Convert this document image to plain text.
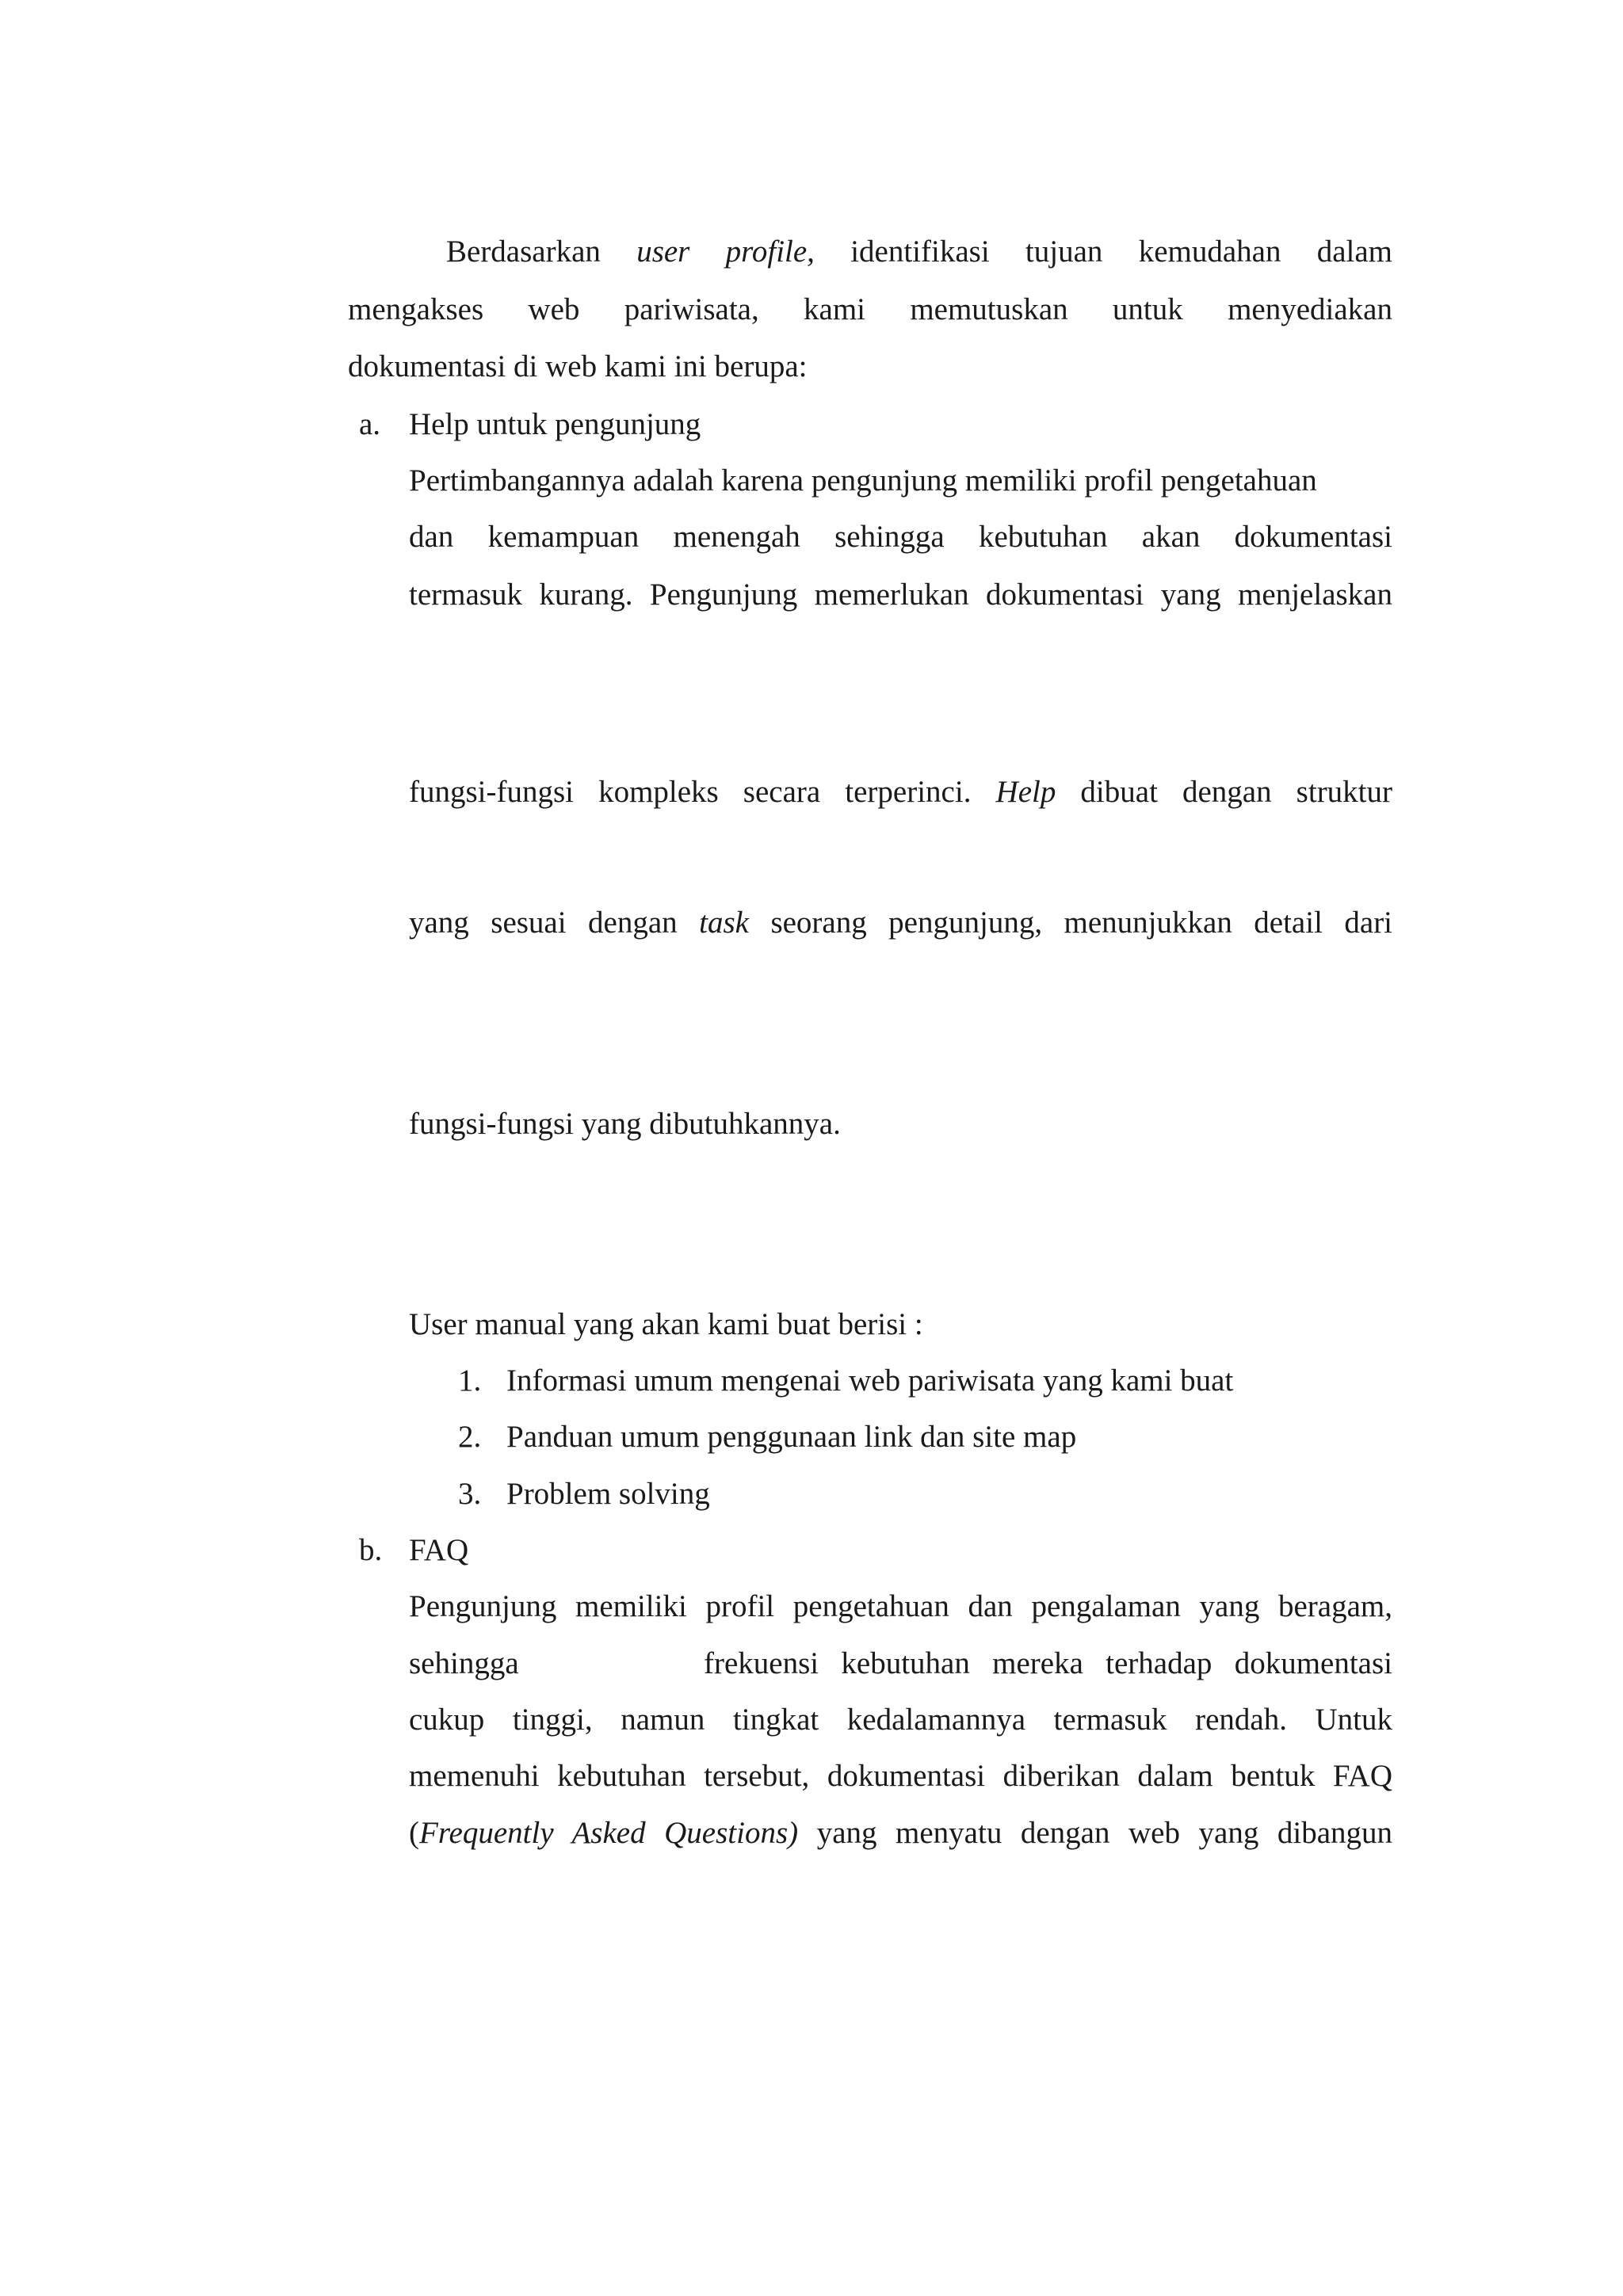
Berdasarkan user profile, identifikasi tujuan kemudahan dalam

mengakses web pariwisata, kami memutuskan untuk menyediakan

dokumentasi di web kami ini berupa:

a. Help untuk pengunjung

Pertimbangannya adalah karena pengunjung memiliki profil pengetahuan

dan kemampuan menengah sehingga kebutuhan akan dokumentasi

termasuk kurang. Pengunjung memerlukan dokumentasi yang menjelaskan

fungsi-fungsi kompleks secara terperinci. Help dibuat dengan struktur

yang sesuai dengan task seorang pengunjung, menunjukkan detail dari

fungsi-fungsi yang dibutuhkannya.

User manual yang akan kami buat berisi :

1. Informasi umum mengenai web pariwisata yang kami buat

2. Panduan umum penggunaan link dan site map

3. Problem solving

b. FAQ

Pengunjung memiliki profil pengetahuan dan pengalaman yang beragam,

sehingga	frekuensi kebutuhan mereka terhadap dokumentasi

cukup tinggi, namun tingkat kedalamannya termasuk rendah. Untuk

memenuhi kebutuhan tersebut, dokumentasi diberikan dalam bentuk FAQ

(Frequently Asked Questions) yang menyatu dengan web yang dibangun
